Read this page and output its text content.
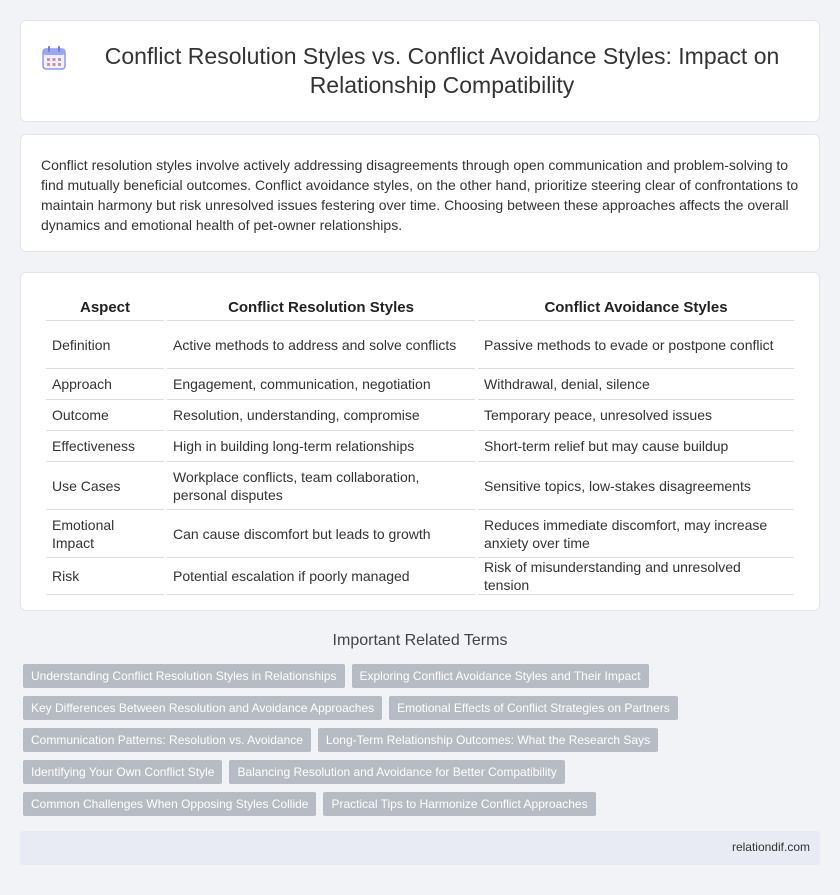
Conflict Resolution Styles vs. Conflict Avoidance Styles: Impact on Relationship Compatibility

Conflict resolution styles involve actively addressing disagreements through open communication and problem-solving to find mutually beneficial outcomes. Conflict avoidance styles, on the other hand, prioritize steering clear of confrontations to maintain harmony but risk unresolved issues festering over time. Choosing between these approaches affects the overall dynamics and emotional health of pet-owner relationships.

Aspect	Conflict Resolution Styles	Conflict Avoidance Styles
Definition	Active methods to address and solve conflicts	Passive methods to evade or postpone conflict
Approach	Engagement, communication, negotiation	Withdrawal, denial, silence
Outcome	Resolution, understanding, compromise	Temporary peace, unresolved issues
Effectiveness	High in building long-term relationships	Short-term relief but may cause buildup
Use Cases	Workplace conflicts, team collaboration, personal disputes	Sensitive topics, low-stakes disagreements
Emotional Impact	Can cause discomfort but leads to growth	Reduces immediate discomfort, may increase anxiety over time
Risk	Potential escalation if poorly managed	Risk of misunderstanding and unresolved tension
Important Related Terms
Understanding Conflict Resolution Styles in Relationships	Exploring Conflict Avoidance Styles and Their Impact
Key Differences Between Resolution and Avoidance Approaches	Emotional Effects of Conflict Strategies on Partners
Communication Patterns: Resolution vs. Avoidance	Long-Term Relationship Outcomes: What the Research Says
Identifying Your Own Conflict Style	Balancing Resolution and Avoidance for Better Compatibility
Common Challenges When Opposing Styles Collide	Practical Tips to Harmonize Conflict Approaches
relationdif.com
